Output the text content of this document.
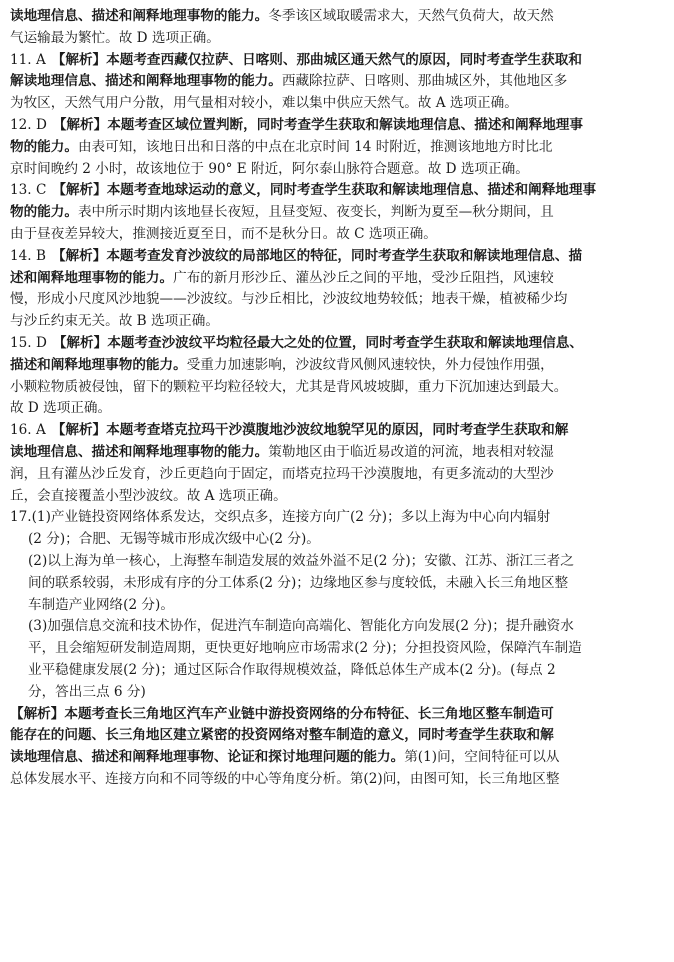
读地理信息、描述和阐释地理事物的能力。冬季该区域取暖需求大，天然气负荷大，故天然
气运输最为繁忙。故 D 选项正确。
11. A 【解析】本题考查西藏仅拉萨、日喀则、那曲城区通天然气的原因，同时考查学生获取和
解读地理信息、描述和阐释地理事物的能力。西藏除拉萨、日喀则、那曲城区外，其他地区多
为牧区，天然气用户分散，用气量相对较小，难以集中供应天然气。故 A 选项正确。
12. D 【解析】本题考查区域位置判断，同时考查学生获取和解读地理信息、描述和阐释地理事
物的能力。由表可知，该地日出和日落的中点在北京时间 14 时附近，推测该地地方时比北
京时间晚约 2 小时，故该地位于 90° E 附近，阿尔泰山脉符合题意。故 D 选项正确。
13. C 【解析】本题考查地球运动的意义，同时考查学生获取和解读地理信息、描述和阐释地理事
物的能力。表中所示时期内该地昼长夜短，且昼变短、夜变长，判断为夏至—秋分期间，且
由于昼夜差异较大，推测接近夏至日，而不是秋分日。故 C 选项正确。
14. B 【解析】本题考查发育沙波纹的局部地区的特征，同时考查学生获取和解读地理信息、描
述和阐释地理事物的能力。广布的新月形沙丘、灌丛沙丘之间的平地，受沙丘阻挡，风速较
慢，形成小尺度风沙地貌——沙波纹。与沙丘相比，沙波纹地势较低；地表干燥，植被稀少均
与沙丘约束无关。故 B 选项正确。
15. D 【解析】本题考查沙波纹平均粒径最大之处的位置，同时考查学生获取和解读地理信息、
描述和阐释地理事物的能力。受重力加速影响，沙波纹背风侧风速较快，外力侵蚀作用强，
小颗粒物质被侵蚀，留下的颗粒平均粒径较大，尤其是背风坡坡脚，重力下沉加速达到最大。
故 D 选项正确。
16. A 【解析】本题考查塔克拉玛干沙漠腹地沙波纹地貌罕见的原因，同时考查学生获取和解
读地理信息、描述和阐释地理事物的能力。策勒地区由于临近易改道的河流，地表相对较湿
润，且有灌丛沙丘发育，沙丘更趋向于固定，而塔克拉玛干沙漠腹地，有更多流动的大型沙
丘，会直接覆盖小型沙波纹。故 A 选项正确。
17.(1)产业链投资网络体系发达，交织点多，连接方向广(2 分)；多以上海为中心向内辐射
(2 分)；合肥、无锡等城市形成次级中心(2 分)。
(2)以上海为单一核心，上海整车制造发展的效益外溢不足(2 分)；安徽、江苏、浙江三者之
间的联系较弱，未形成有序的分工体系(2 分)；边缘地区参与度较低，未融入长三角地区整
车制造产业网络(2 分)。
(3)加强信息交流和技术协作，促进汽车制造向高端化、智能化方向发展(2 分)；提升融资水
平，且会缩短研发制造周期，更快更好地响应市场需求(2 分)；分担投资风险，保障汽车制造
业平稳健康发展(2 分)；通过区际合作取得规模效益，降低总体生产成本(2 分)。(每点 2
分，答出三点 6 分)
【解析】本题考查长三角地区汽车产业链中游投资网络的分布特征、长三角地区整车制造可
能存在的问题、长三角地区建立紧密的投资网络对整车制造的意义，同时考查学生获取和解
读地理信息、描述和阐释地理事物、论证和探讨地理问题的能力。第(1)问，空间特征可以从
总体发展水平、连接方向和不同等级的中心等角度分析。第(2)问，由图可知，长三角地区整
